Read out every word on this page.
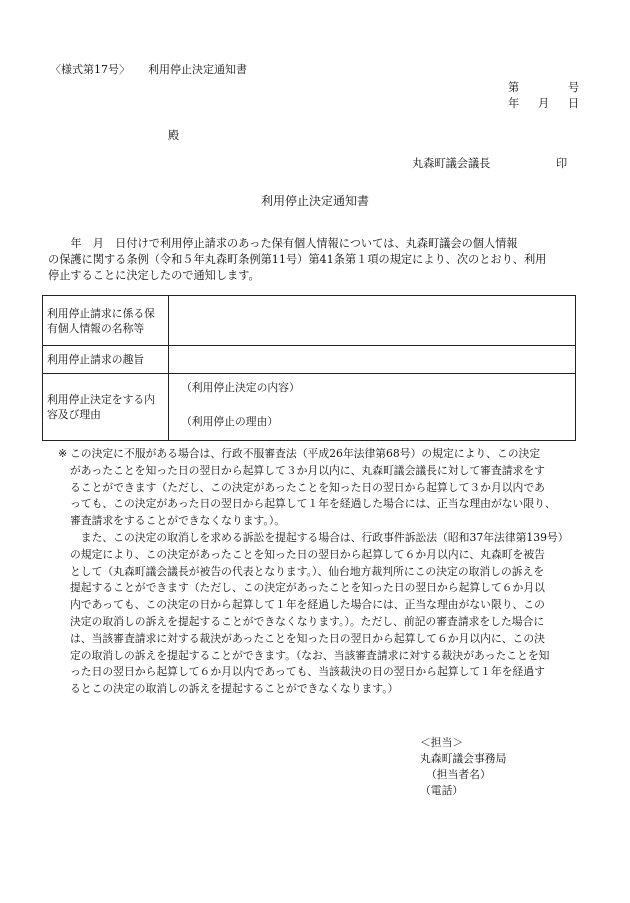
〈様式第17号〉 利用停止決定通知書
第	号
年 月 日
殿
丸森町議会議長	印
利用停止決定通知書
　　年　月　日付けで利用停止請求のあった保有個人情報については、丸森町議会の個人情報
の保護に関する条例（令和５年丸森町条例第11号）第41条第１項の規定により、次のとおり、利用
停止することに決定したので通知します。
利用停止請求に係る保有個人情報の名称等	
利用停止請求の趣旨	
利用停止決定をする内容及び理由	（利用停止決定の内容）
（利用停止の理由）
※ この決定に不服がある場合は、行政不服審査法（平成26年法律第68号）の規定により、この決定
があったことを知った日の翌日から起算して３か月以内に、丸森町議会議長に対して審査請求をす
ることができます（ただし、この決定があったことを知った日の翌日から起算して３か月以内であ
っても、この決定があった日の翌日から起算して１年を経過した場合には、正当な理由がない限り、
審査請求をすることができなくなります。）。
　また、この決定の取消しを求める訴訟を提起する場合は、行政事件訴訟法（昭和37年法律第139号）
の規定により、この決定があったことを知った日の翌日から起算して６か月以内に、丸森町を被告
として（丸森町議会議長が被告の代表となります。）、仙台地方裁判所にこの決定の取消しの訴えを
提起することができます（ただし、この決定があったことを知った日の翌日から起算して６か月以
内であっても、この決定の日から起算して１年を経過した場合には、正当な理由がない限り、この
決定の取消しの訴えを提起することができなくなります。）。ただし、前記の審査請求をした場合に
は、当該審査請求に対する裁決があったことを知った日の翌日から起算して６か月以内に、この決
定の取消しの訴えを提起することができます。（なお、当該審査請求に対する裁決があったことを知
った日の翌日から起算して６か月以内であっても、当該裁決の日の翌日から起算して１年を経過す
るとこの決定の取消しの訴えを提起することができなくなります。）
＜担当＞
丸森町議会事務局
（担当者名）
（電話）
